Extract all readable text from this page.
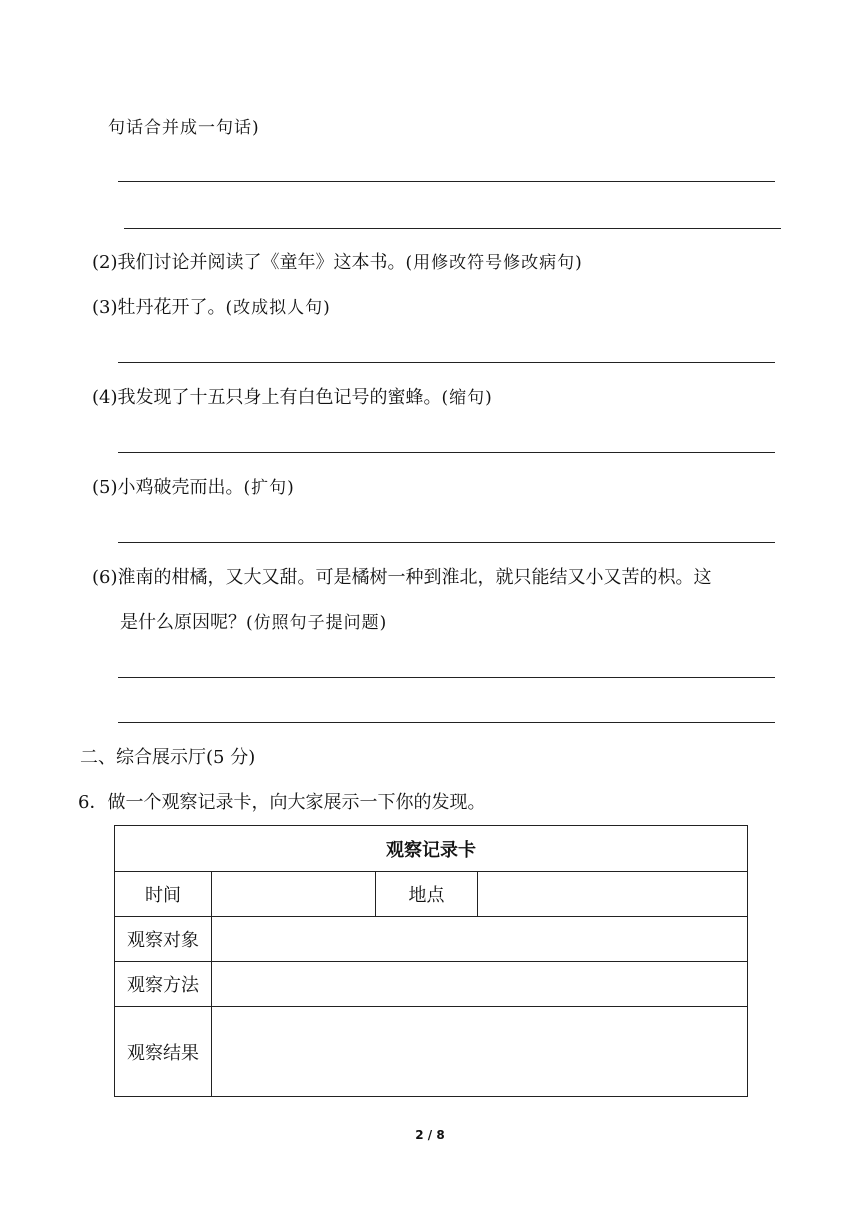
句话合并成一句话)
(2)我们讨论并阅读了《童年》这本书。(用修改符号修改病句)
(3)牡丹花开了。(改成拟人句)
(4)我发现了十五只身上有白色记号的蜜蜂。(缩句)
(5)小鸡破壳而出。(扩句)
(6)淮南的柑橘，又大又甜。可是橘树一种到淮北，就只能结又小又苦的枳。这
是什么原因呢？(仿照句子提问题)
二、综合展示厅(5 分)
6．做一个观察记录卡，向大家展示一下你的发现。
观察记录卡			
时间		地点	
观察对象			
观察方法			
观察结果			
2 / 8
